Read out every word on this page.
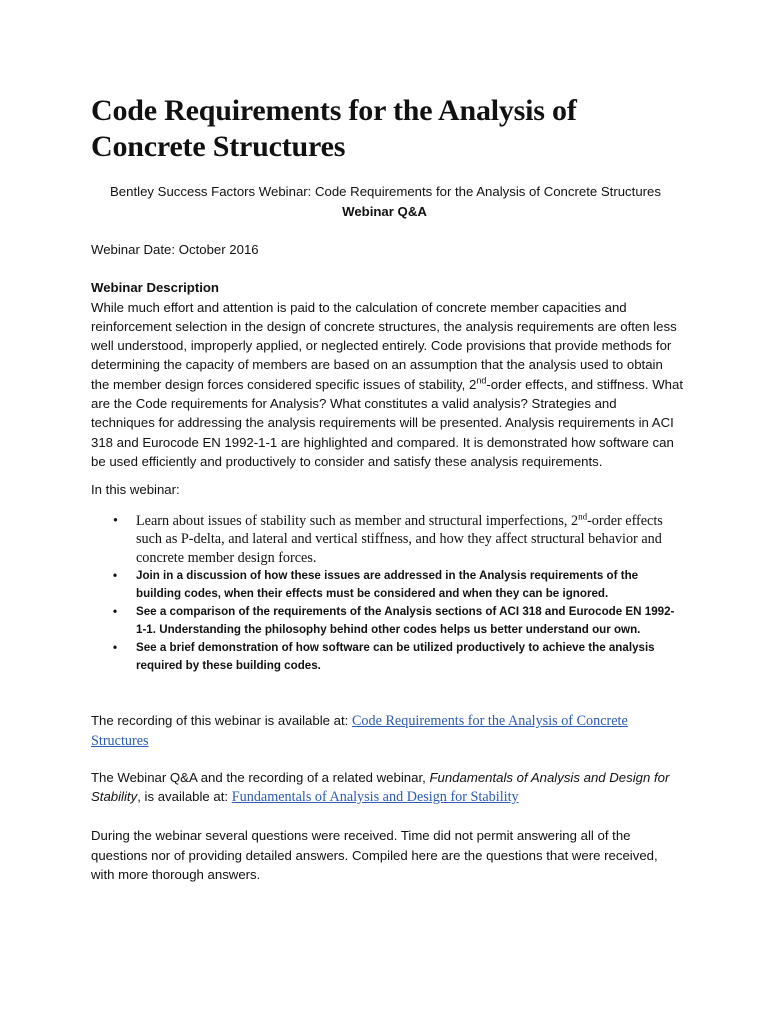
Code Requirements for the Analysis of Concrete Structures
Bentley Success Factors Webinar: Code Requirements for the Analysis of Concrete Structures
Webinar Q&A

Webinar Date: October 2016

Webinar Description

While much effort and attention is paid to the calculation of concrete member capacities and reinforcement selection in the design of concrete structures, the analysis requirements are often less well understood, improperly applied, or neglected entirely. Code provisions that provide methods for determining the capacity of members are based on an assumption that the analysis used to obtain the member design forces considered specific issues of stability, 2nd-order effects, and stiffness. What are the Code requirements for Analysis? What constitutes a valid analysis? Strategies and techniques for addressing the analysis requirements will be presented. Analysis requirements in ACI 318 and Eurocode EN 1992-1-1 are highlighted and compared. It is demonstrated how software can be used efficiently and productively to consider and satisfy these analysis requirements.

In this webinar:

• Learn about issues of stability such as member and structural imperfections, 2nd-order effects such as P-delta, and lateral and vertical stiffness, and how they affect structural behavior and concrete member design forces.
• Join in a discussion of how these issues are addressed in the Analysis requirements of the building codes, when their effects must be considered and when they can be ignored.
• See a comparison of the requirements of the Analysis sections of ACI 318 and Eurocode EN 1992-1-1. Understanding the philosophy behind other codes helps us better understand our own.
• See a brief demonstration of how software can be utilized productively to achieve the analysis required by these building codes.

The recording of this webinar is available at: Code Requirements for the Analysis of Concrete Structures

The Webinar Q&A and the recording of a related webinar, Fundamentals of Analysis and Design for Stability, is available at: Fundamentals of Analysis and Design for Stability

During the webinar several questions were received. Time did not permit answering all of the questions nor of providing detailed answers. Compiled here are the questions that were received, with more thorough answers.
